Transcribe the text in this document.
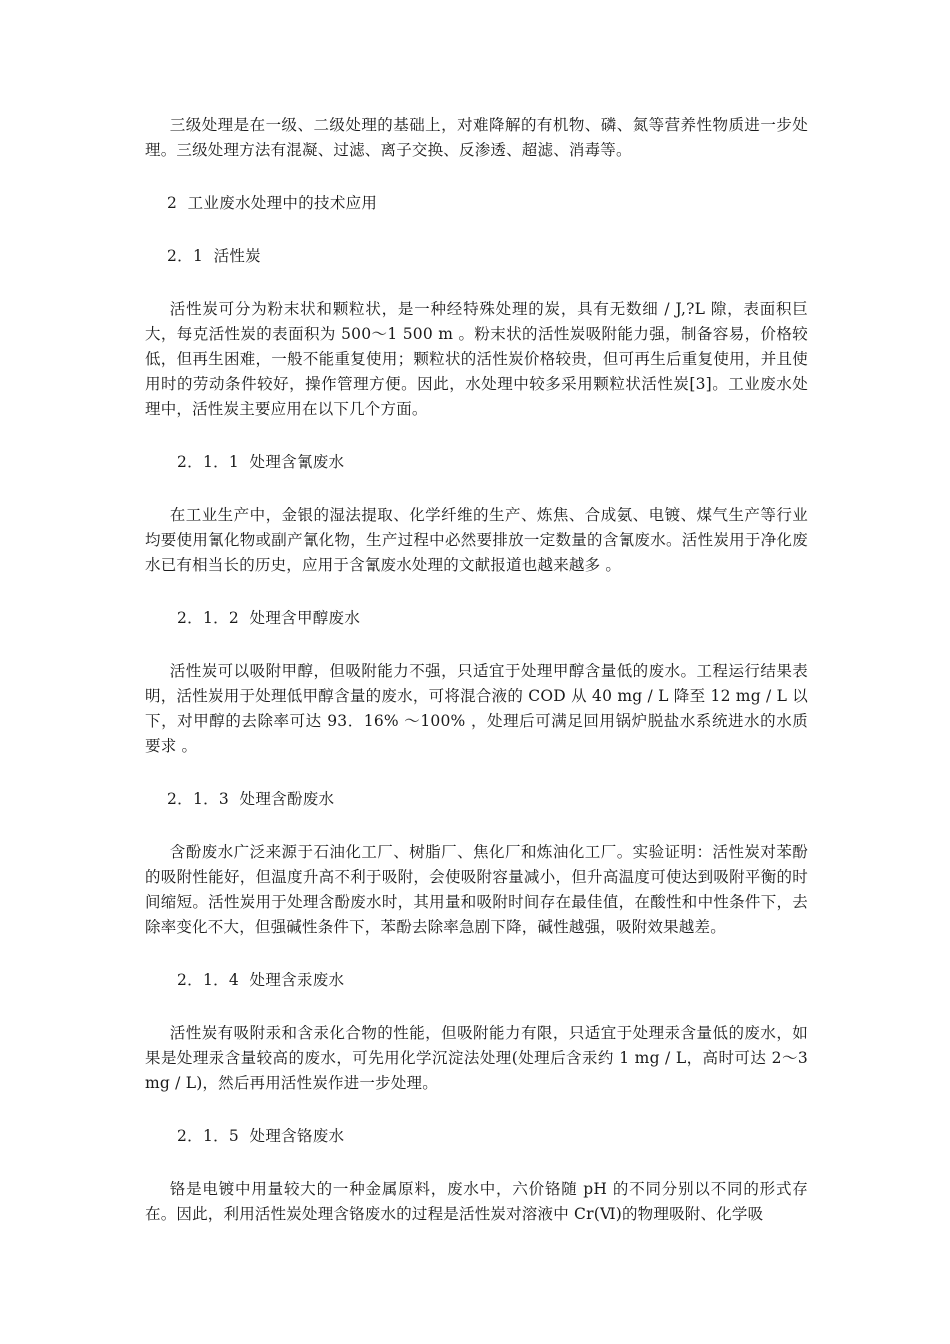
三级处理是在一级、二级处理的基础上，对难降解的有机物、磷、氮等营养性物质进一步处理。三级处理方法有混凝、过滤、离子交换、反渗透、超滤、消毒等。

2  工业废水处理中的技术应用

2．1  活性炭

活性炭可分为粉末状和颗粒状，是一种经特殊处理的炭，具有无数细 / J,?L 隙，表面积巨大，每克活性炭的表面积为 500～1 500 m 。粉末状的活性炭吸附能力强，制备容易，价格较低，但再生困难，一般不能重复使用；颗粒状的活性炭价格较贵，但可再生后重复使用，并且使用时的劳动条件较好，操作管理方便。因此，水处理中较多采用颗粒状活性炭[3]。工业废水处理中，活性炭主要应用在以下几个方面。

2．1．1  处理含氰废水

在工业生产中，金银的湿法提取、化学纤维的生产、炼焦、合成氨、电镀、煤气生产等行业均要使用氰化物或副产氰化物，生产过程中必然要排放一定数量的含氰废水。活性炭用于净化废水已有相当长的历史，应用于含氰废水处理的文献报道也越来越多 。

2．1．2  处理含甲醇废水

活性炭可以吸附甲醇，但吸附能力不强，只适宜于处理甲醇含量低的废水。工程运行结果表明，活性炭用于处理低甲醇含量的废水，可将混合液的 COD 从 40 mg / L 降至 12 mg / L 以下，对甲醇的去除率可达 93．16% ～100% ，处理后可满足回用锅炉脱盐水系统进水的水质要求 。

2．1．3  处理含酚废水

含酚废水广泛来源于石油化工厂、树脂厂、焦化厂和炼油化工厂。实验证明：活性炭对苯酚的吸附性能好，但温度升高不利于吸附，会使吸附容量减小，但升高温度可使达到吸附平衡的时间缩短。活性炭用于处理含酚废水时，其用量和吸附时间存在最佳值，在酸性和中性条件下，去除率变化不大，但强碱性条件下，苯酚去除率急剧下降，碱性越强，吸附效果越差。

2．1．4  处理含汞废水

活性炭有吸附汞和含汞化合物的性能，但吸附能力有限，只适宜于处理汞含量低的废水，如果是处理汞含量较高的废水，可先用化学沉淀法处理(处理后含汞约 1 mg / L，高时可达 2～3mg / L)，然后再用活性炭作进一步处理。

2．1．5  处理含铬废水

铬是电镀中用量较大的一种金属原料，废水中，六价铬随 pH 的不同分别以不同的形式存在。因此，利用活性炭处理含铬废水的过程是活性炭对溶液中 Cr(Ⅵ)的物理吸附、化学吸
